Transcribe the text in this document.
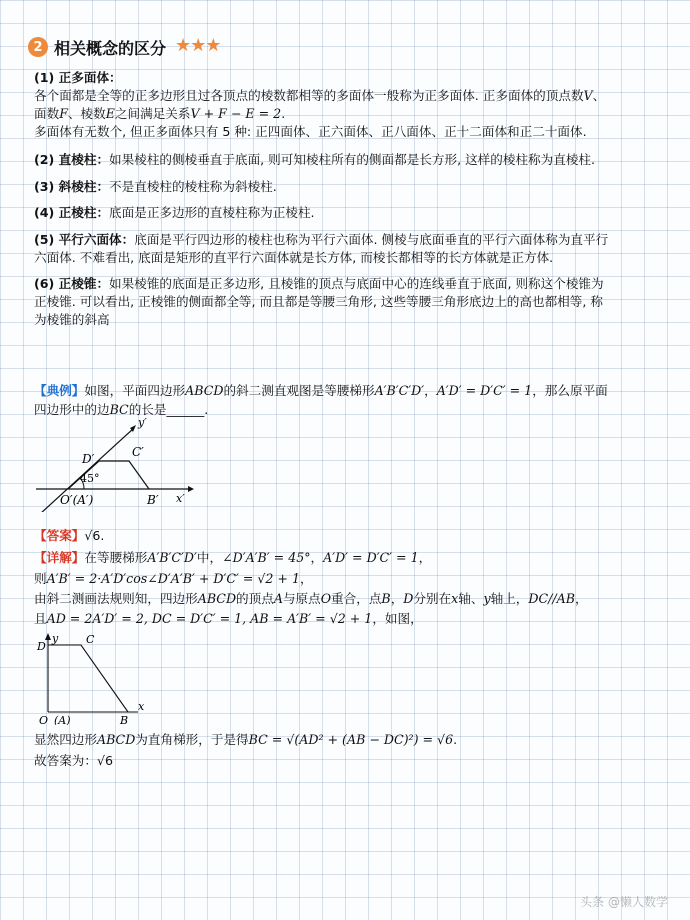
2 相关概念的区分 ★★★
(1) 正多面体：
各个面都是全等的正多边形且过各顶点的棱数都相等的多面体一般称为正多面体. 正多面体的顶点数V、
面数F、棱数E之间满足关系V + F − E = 2.
多面体有无数个, 但正多面体只有 5 种: 正四面体、正六面体、正八面体、正十二面体和正二十面体.
(2) 直棱柱：如果棱柱的侧棱垂直于底面, 则可知棱柱所有的侧面都是长方形, 这样的棱柱称为直棱柱.
(3) 斜棱柱：不是直棱柱的棱柱称为斜棱柱.
(4) 正棱柱：底面是正多边形的直棱柱称为正棱柱.
(5) 平行六面体：底面是平行四边形的棱柱也称为平行六面体. 侧棱与底面垂直的平行六面体称为直平行
六面体. 不难看出, 底面是矩形的直平行六面体就是长方体, 而棱长都相等的长方体就是正方体.
(6) 正棱锥：如果棱锥的底面是正多边形, 且棱锥的顶点与底面中心的连线垂直于底面, 则称这个棱锥为
正棱锥. 可以看出, 正棱锥的侧面都全等, 而且都是等腰三角形, 这些等腰三角形底边上的高也都相等, 称
为棱锥的斜高
【典例】如图，平面四边形ABCD的斜二测直观图是等腰梯形A′B′C′D′，A′D′ = D′C′ = 1，那么原平面
四边形中的边BC的长是______.
y′
x′
D′	C′
45°
O′(A′)	B′
【答案】√6.
【详解】在等腰梯形A′B′C′D′中，∠D′A′B′ = 45°，A′D′ = D′C′ = 1，
则A′B′ = 2·A′D′cos∠D′A′B′ + D′C′ = √2 + 1，
由斜二测画法规则知，四边形ABCD的顶点A与原点O重合，点B，D分别在x轴、y轴上，DC//AB，
且AD = 2A′D′ = 2, DC = D′C′ = 1, AB = A′B′ = √2 + 1，如图，
y
x
D
C
O (A)	B
显然四边形ABCD为直角梯形，于是得BC = √(AD² + (AB − DC)²) = √6.
故答案为：√6
头条 @懒人数学
